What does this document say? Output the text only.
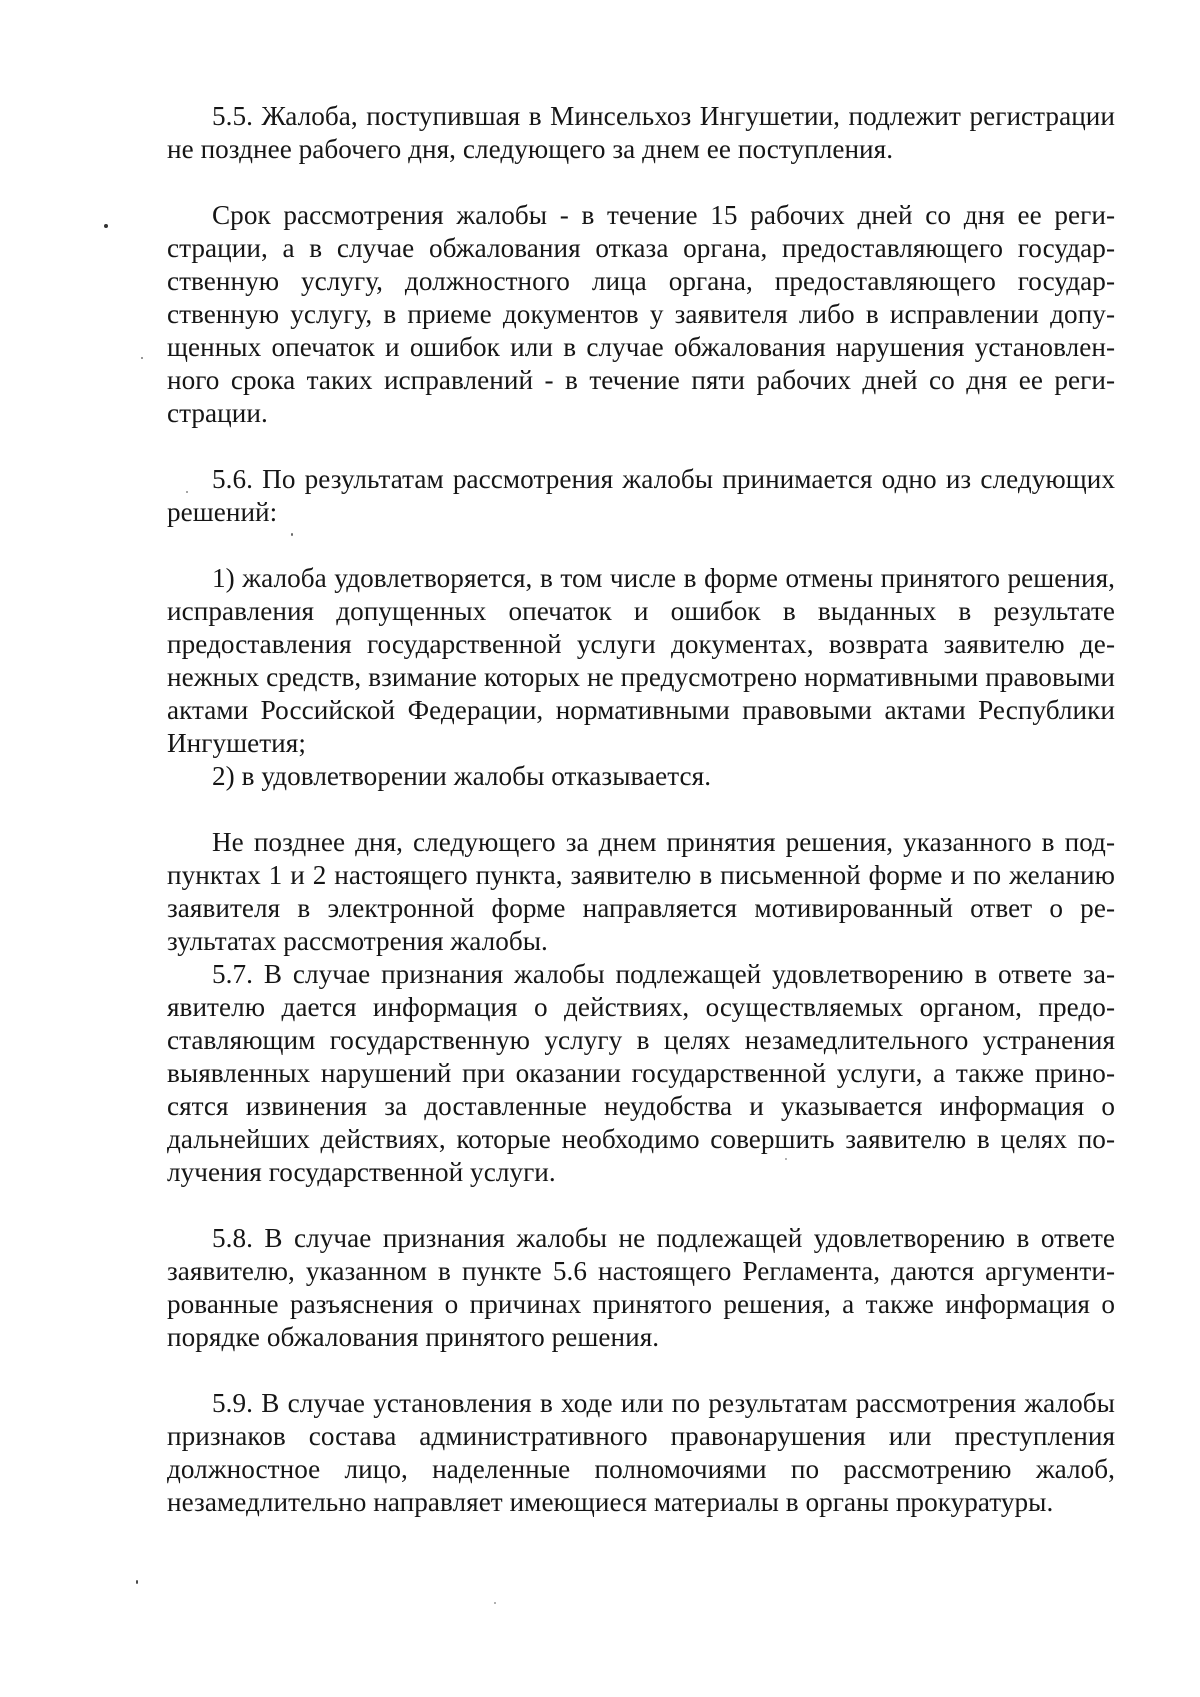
5.5. Жалоба, поступившая в Минсельхоз Ингушетии, подлежит регистрации не позднее рабочего дня, следующего за днем ее поступления.

Срок рассмотрения жалобы - в течение 15 рабочих дней со дня ее регистрации, а в случае обжалования отказа органа, предоставляющего государственную услугу, должностного лица органа, предоставляющего государственную услугу, в приеме документов у заявителя либо в исправлении допущенных опечаток и ошибок или в случае обжалования нарушения установленного срока таких исправлений - в течение пяти рабочих дней со дня ее регистрации.

5.6. По результатам рассмотрения жалобы принимается одно из следующих решений:

1) жалоба удовлетворяется, в том числе в форме отмены принятого решения, исправления допущенных опечаток и ошибок в выданных в результате предоставления государственной услуги документах, возврата заявителю денежных средств, взимание которых не предусмотрено нормативными правовыми актами Российской Федерации, нормативными правовыми актами Республики Ингушетия;

2) в удовлетворении жалобы отказывается.

Не позднее дня, следующего за днем принятия решения, указанного в подпунктах 1 и 2 настоящего пункта, заявителю в письменной форме и по желанию заявителя в электронной форме направляется мотивированный ответ о результатах рассмотрения жалобы.

5.7. В случае признания жалобы подлежащей удовлетворению в ответе заявителю дается информация о действиях, осуществляемых органом, предоставляющим государственную услугу в целях незамедлительного устранения выявленных нарушений при оказании государственной услуги, а также приносятся извинения за доставленные неудобства и указывается информация о дальнейших действиях, которые необходимо совершить заявителю в целях получения государственной услуги.

5.8. В случае признания жалобы не подлежащей удовлетворению в ответе заявителю, указанном в пункте 5.6 настоящего Регламента, даются аргументированные разъяснения о причинах принятого решения, а также информация о порядке обжалования принятого решения.

5.9. В случае установления в ходе или по результатам рассмотрения жалобы признаков состава административного правонарушения или преступления должностное лицо, наделенные полномочиями по рассмотрению жалоб, незамедлительно направляет имеющиеся материалы в органы прокуратуры.
